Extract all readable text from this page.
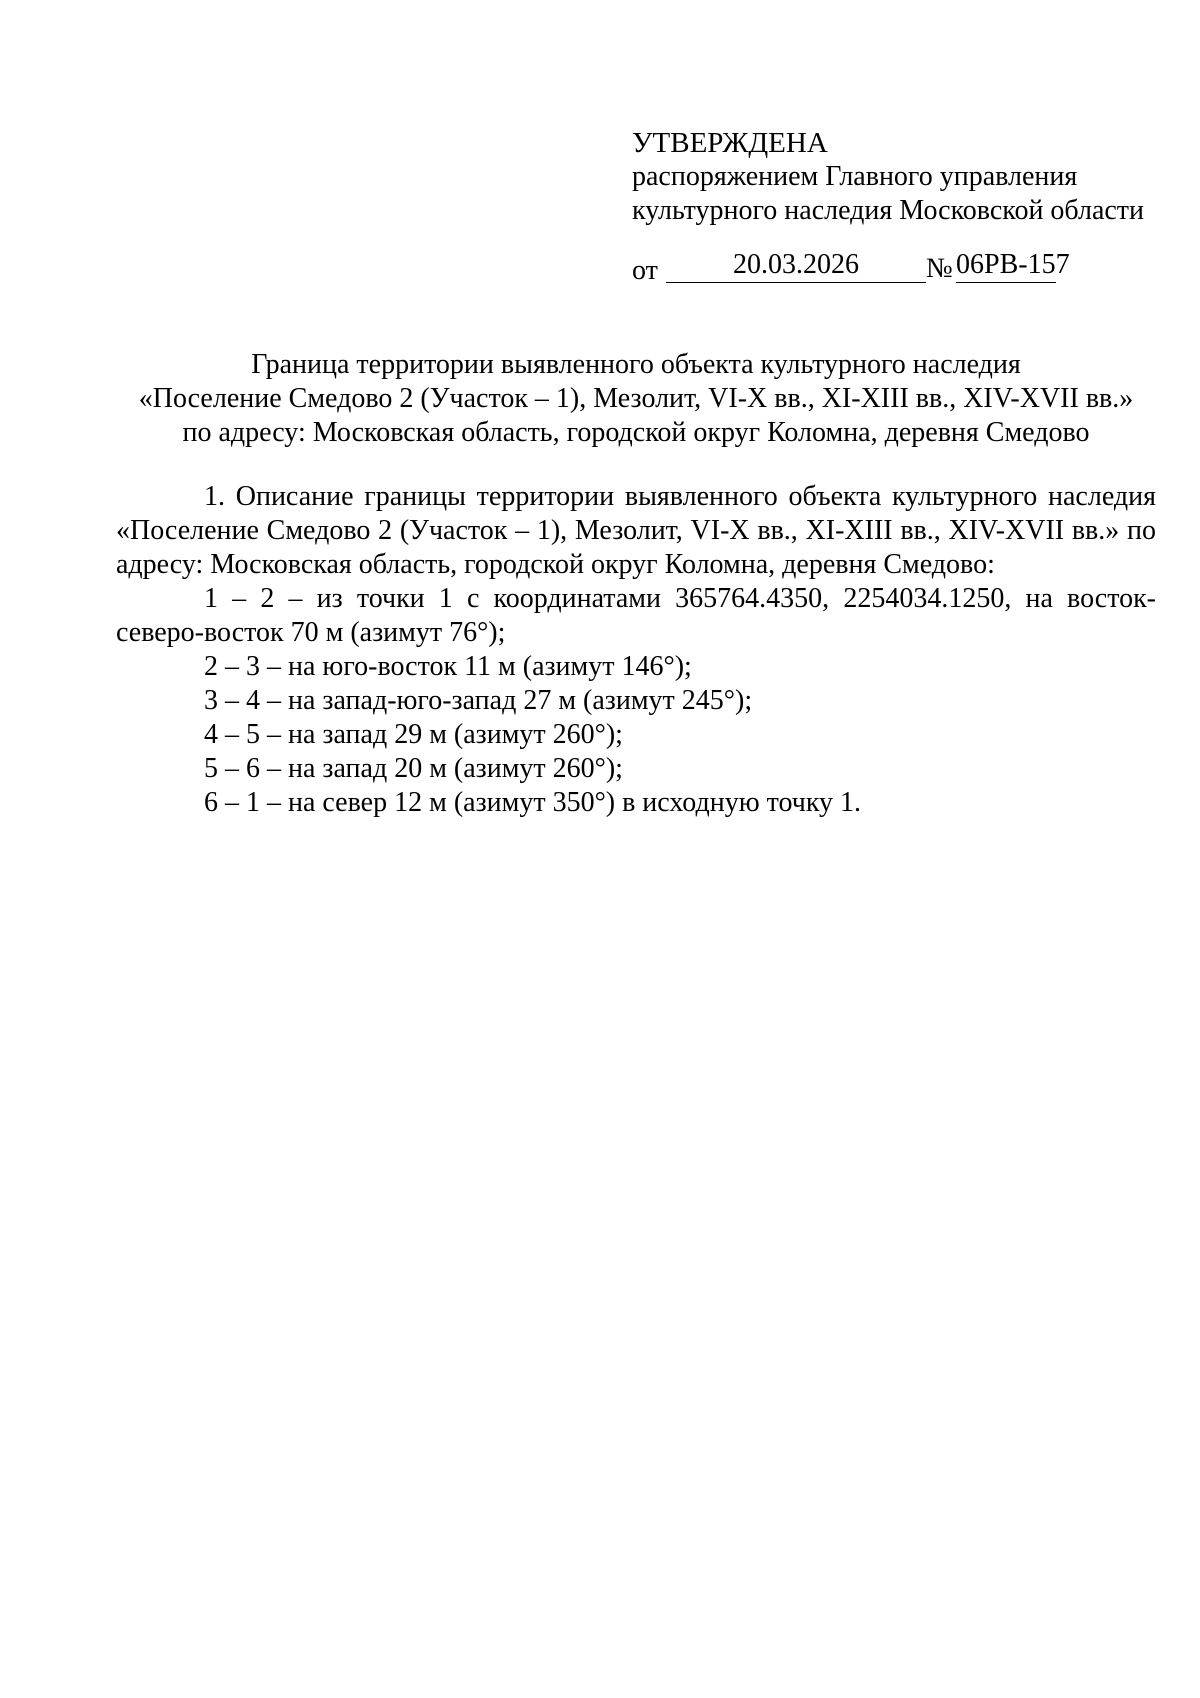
УТВЕРЖДЕНА
распоряжением Главного управления
культурного наследия Московской области
от	20.03.2026	№ 06РВ-157
Граница территории выявленного объекта культурного наследия
«Поселение Смедово 2 (Участок – 1), Мезолит, VI-X вв., XI-XIII вв., XIV-XVII вв.»
по адресу: Московская область, городской округ Коломна, деревня Смедово

1. Описание границы территории выявленного объекта культурного наследия «Поселение Смедово 2 (Участок – 1), Мезолит, VI-X вв., XI-XIII вв., XIV-XVII вв.» по адресу: Московская область, городской округ Коломна, деревня Смедово:

1 – 2 – из точки 1 с координатами 365764.4350, 2254034.1250, на восток-северо-восток 70 м (азимут 76°);

2 – 3 – на юго-восток 11 м (азимут 146°);

3 – 4 – на запад-юго-запад 27 м (азимут 245°);

4 – 5 – на запад 29 м (азимут 260°);

5 – 6 – на запад 20 м (азимут 260°);

6 – 1 – на север 12 м (азимут 350°) в исходную точку 1.
